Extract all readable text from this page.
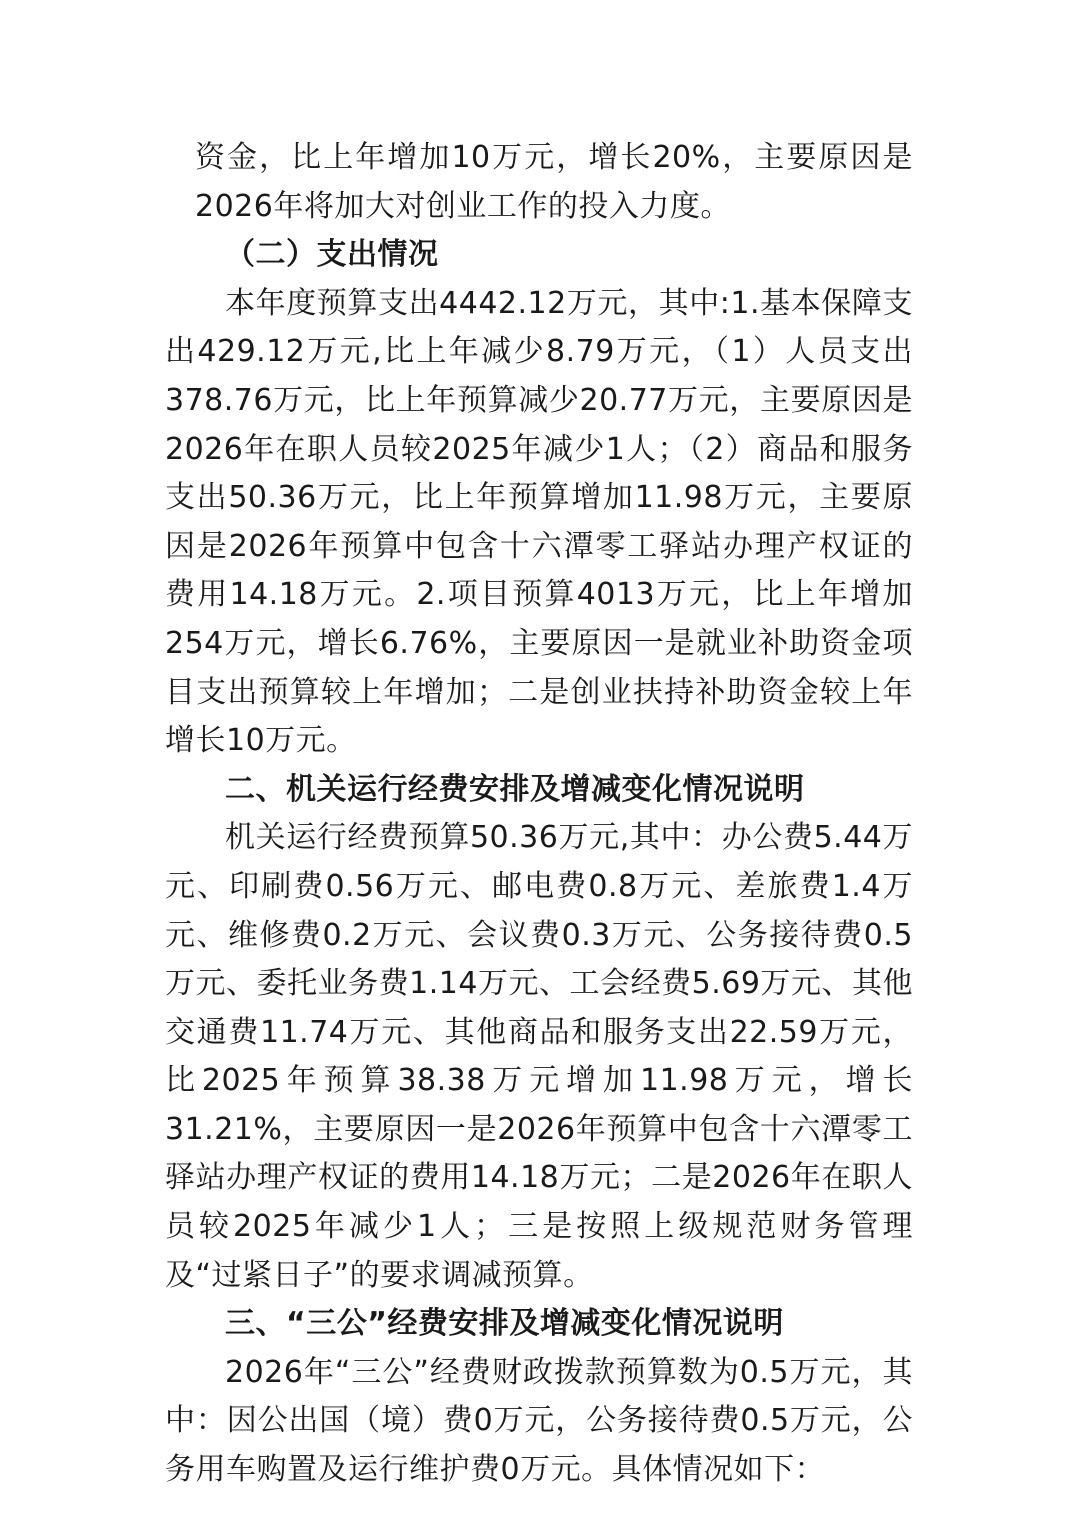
资金，比上年增加10万元，增长20%，主要原因是2026年将加大对创业工作的投入力度。

（二）支出情况

本年度预算支出4442.12万元，其中:1.基本保障支出429.12万元,比上年减少8.79万元，（1）人员支出378.76万元，比上年预算减少20.77万元，主要原因是2026年在职人员较2025年减少1人；（2）商品和服务支出50.36万元，比上年预算增加11.98万元，主要原因是2026年预算中包含十六潭零工驿站办理产权证的费用14.18万元。2.项目预算4013万元，比上年增加254万元，增长6.76%，主要原因一是就业补助资金项目支出预算较上年增加；二是创业扶持补助资金较上年增长10万元。

二、机关运行经费安排及增减变化情况说明

机关运行经费预算50.36万元,其中：办公费5.44万元、印刷费0.56万元、邮电费0.8万元、差旅费1.4万元、维修费0.2万元、会议费0.3万元、公务接待费0.5万元、委托业务费1.14万元、工会经费5.69万元、其他交通费11.74万元、其他商品和服务支出22.59万元，比2025年预算38.38万元增加11.98万元，增长31.21%，主要原因一是2026年预算中包含十六潭零工驿站办理产权证的费用14.18万元；二是2026年在职人员较2025年减少1人；三是按照上级规范财务管理及“过紧日子”的要求调减预算。

三、“三公”经费安排及增减变化情况说明

2026年“三公”经费财政拨款预算数为0.5万元，其中：因公出国（境）费0万元，公务接待费0.5万元，公务用车购置及运行维护费0万元。具体情况如下：
